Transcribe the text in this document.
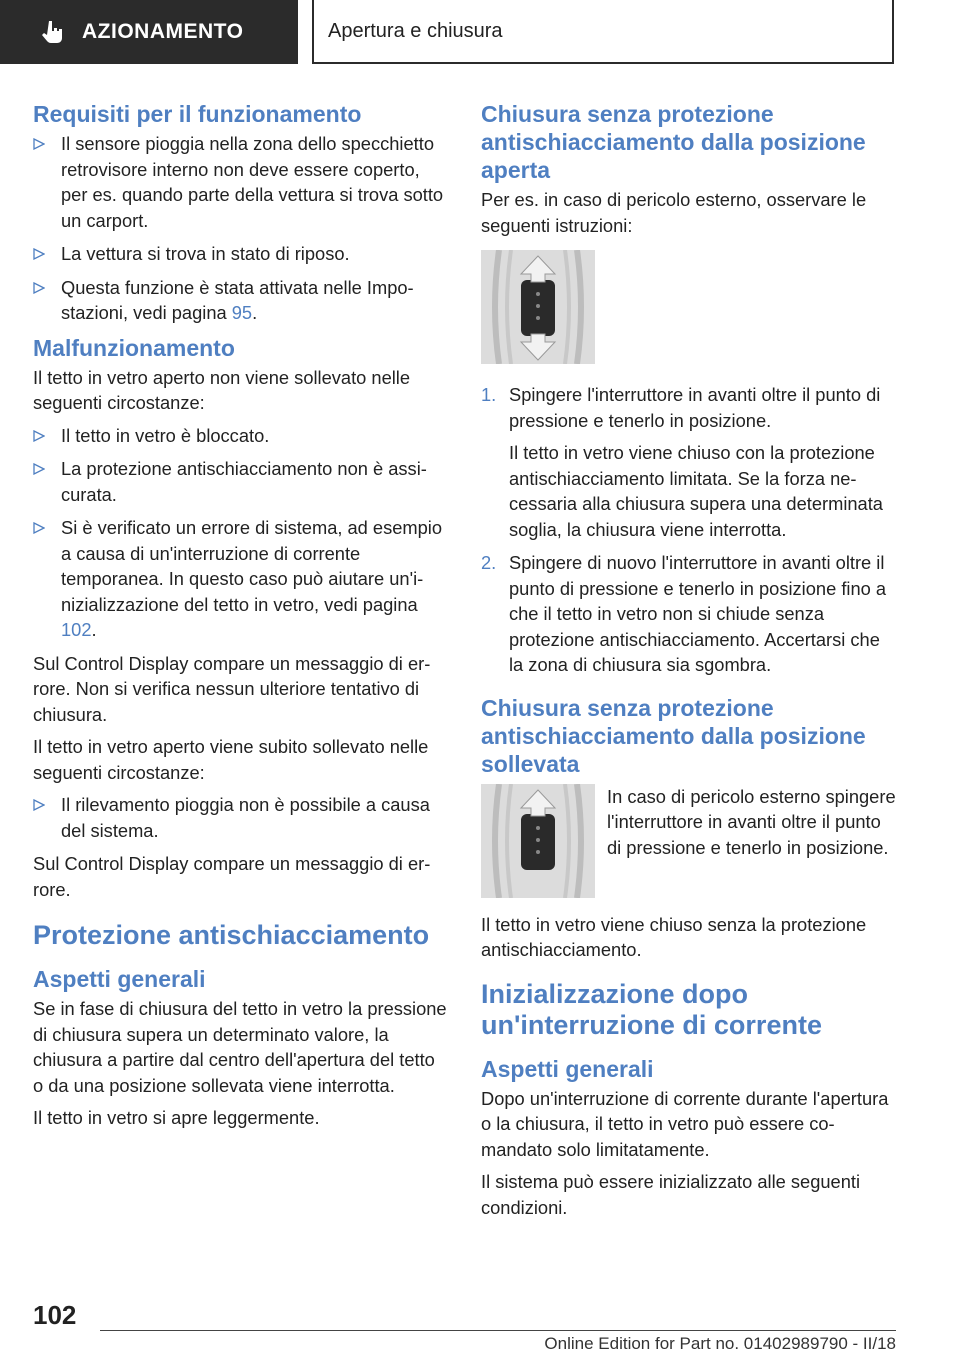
AZIONAMENTO	Apertura e chiusura
Requisiti per il funzionamento
Il sensore pioggia nella zona dello specchietto retrovisore interno non deve essere coperto, per es. quando parte della vettura si trova sotto un carport.
La vettura si trova in stato di riposo.
Questa funzione è stata attivata nelle Impostazioni, vedi pagina 95.
Malfunzionamento

Il tetto in vetro aperto non viene sollevato nelle seguenti circostanze:

Il tetto in vetro è bloccato.
La protezione antischiacciamento non è assicurata.
Si è verificato un errore di sistema, ad esempio a causa di un'interruzione di corrente temporanea. In questo caso può aiutare un'inizializzazione del tetto in vetro, vedi pagina 102.

Sul Control Display compare un messaggio di errore. Non si verifica nessun ulteriore tentativo di chiusura.

Il tetto in vetro aperto viene subito sollevato nelle seguenti circostanze:

Il rilevamento pioggia non è possibile a causa del sistema.

Sul Control Display compare un messaggio di errore.

Protezione antischiacciamento
Aspetti generali

Se in fase di chiusura del tetto in vetro la pressione di chiusura supera un determinato valore, la chiusura a partire dal centro dell'apertura del tetto o da una posizione sollevata viene interrotta.

Il tetto in vetro si apre leggermente.

Chiusura senza protezione antischiacciamento dalla posizione aperta

Per es. in caso di pericolo esterno, osservare le seguenti istruzioni:

1. Spingere l'interruttore in avanti oltre il punto di pressione e tenerlo in posizione.

Il tetto in vetro viene chiuso con la protezione antischiacciamento limitata. Se la forza necessaria alla chiusura supera una determinata soglia, la chiusura viene interrotta.

2. Spingere di nuovo l'interruttore in avanti oltre il punto di pressione e tenerlo in posizione fino a che il tetto in vetro non si chiude senza protezione antischiacciamento. Accertarsi che la zona di chiusura sia sgombra.
Chiusura senza protezione antischiacciamento dalla posizione sollevata

In caso di pericolo esterno spingere l'interruttore in avanti oltre il punto di pressione e tenerlo in posizione.

Il tetto in vetro viene chiuso senza la protezione antischiacciamento.

Inizializzazione dopo un'interruzione di corrente
Aspetti generali

Dopo un'interruzione di corrente durante l'apertura o la chiusura, il tetto in vetro può essere comandato solo limitatamente.

Il sistema può essere inizializzato alle seguenti condizioni.

102
Online Edition for Part no. 01402989790 - II/18
